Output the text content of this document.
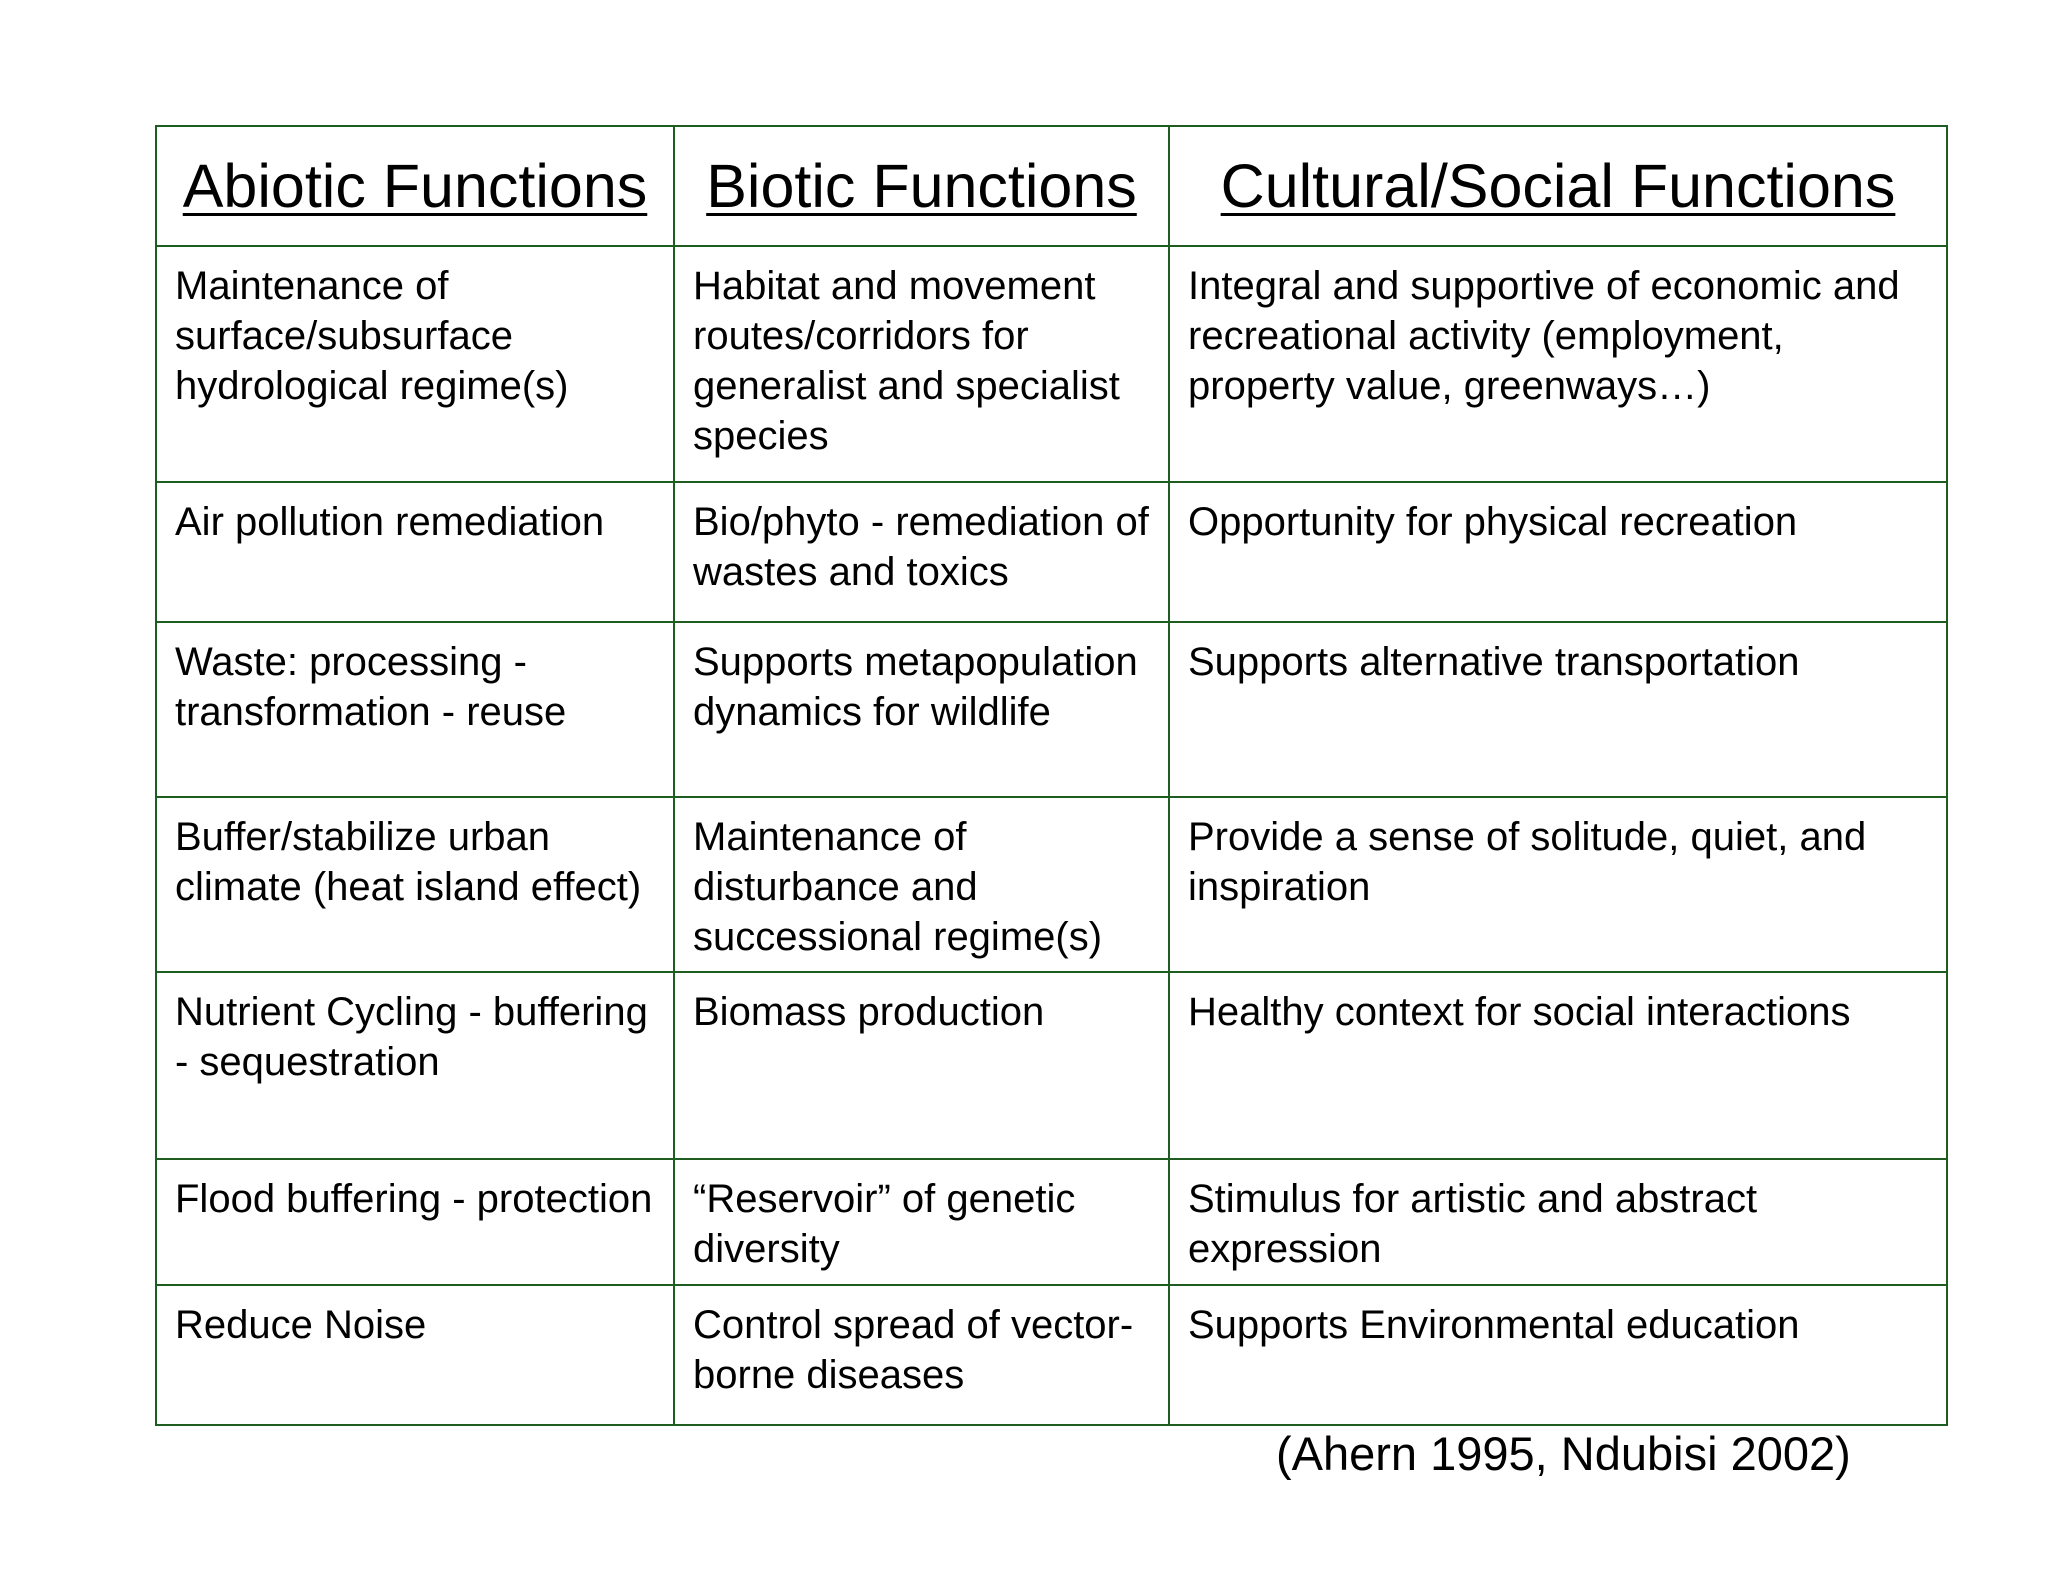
Abiotic Functions	Biotic Functions	Cultural/Social Functions
Maintenance of surface/subsurface hydrological regime(s)	Habitat and movement routes/corridors for generalist and specialist species	Integral and supportive of economic and recreational activity (employment, property value, greenways…)
Air pollution remediation	Bio/phyto - remediation of wastes and toxics	Opportunity for physical recreation
Waste: processing - transformation - reuse	Supports metapopulation dynamics for wildlife	Supports alternative transportation
Buffer/stabilize urban climate (heat island effect)	Maintenance of disturbance and successional regime(s)	Provide a sense of solitude, quiet, and inspiration
Nutrient Cycling - buffering - sequestration	Biomass production	Healthy context for social interactions
Flood buffering - protection	“Reservoir” of genetic diversity	Stimulus for artistic and abstract expression
Reduce Noise	Control spread of vector-borne diseases	Supports Environmental education
(Ahern 1995, Ndubisi 2002)
